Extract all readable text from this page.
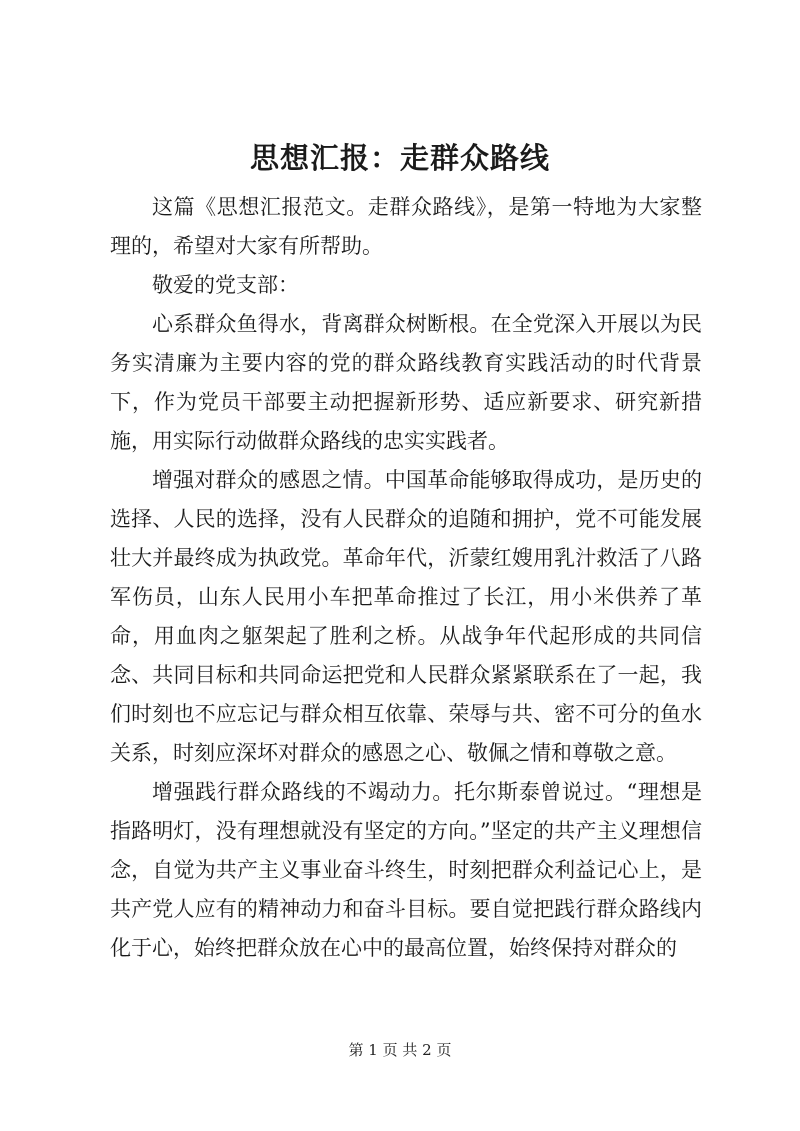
思想汇报：走群众路线

这篇《思想汇报范文。走群众路线》，是第一特地为大家整理的，希望对大家有所帮助。

敬爱的党支部：

心系群众鱼得水，背离群众树断根。在全党深入开展以为民务实清廉为主要内容的党的群众路线教育实践活动的时代背景下，作为党员干部要主动把握新形势、适应新要求、研究新措施，用实际行动做群众路线的忠实实践者。

增强对群众的感恩之情。中国革命能够取得成功，是历史的选择、人民的选择，没有人民群众的追随和拥护，党不可能发展壮大并最终成为执政党。革命年代，沂蒙红嫂用乳汁救活了八路军伤员，山东人民用小车把革命推过了长江，用小米供养了革命，用血肉之躯架起了胜利之桥。从战争年代起形成的共同信念、共同目标和共同命运把党和人民群众紧紧联系在了一起，我们时刻也不应忘记与群众相互依靠、荣辱与共、密不可分的鱼水关系，时刻应深坏对群众的感恩之心、敬佩之情和尊敬之意。

增强践行群众路线的不竭动力。托尔斯泰曾说过。“理想是指路明灯，没有理想就没有坚定的方向。”坚定的共产主义理想信念，自觉为共产主义事业奋斗终生，时刻把群众利益记心上，是共产党人应有的精神动力和奋斗目标。要自觉把践行群众路线内化于心，始终把群众放在心中的最高位置，始终保持对群众的

第 1 页 共 2 页
